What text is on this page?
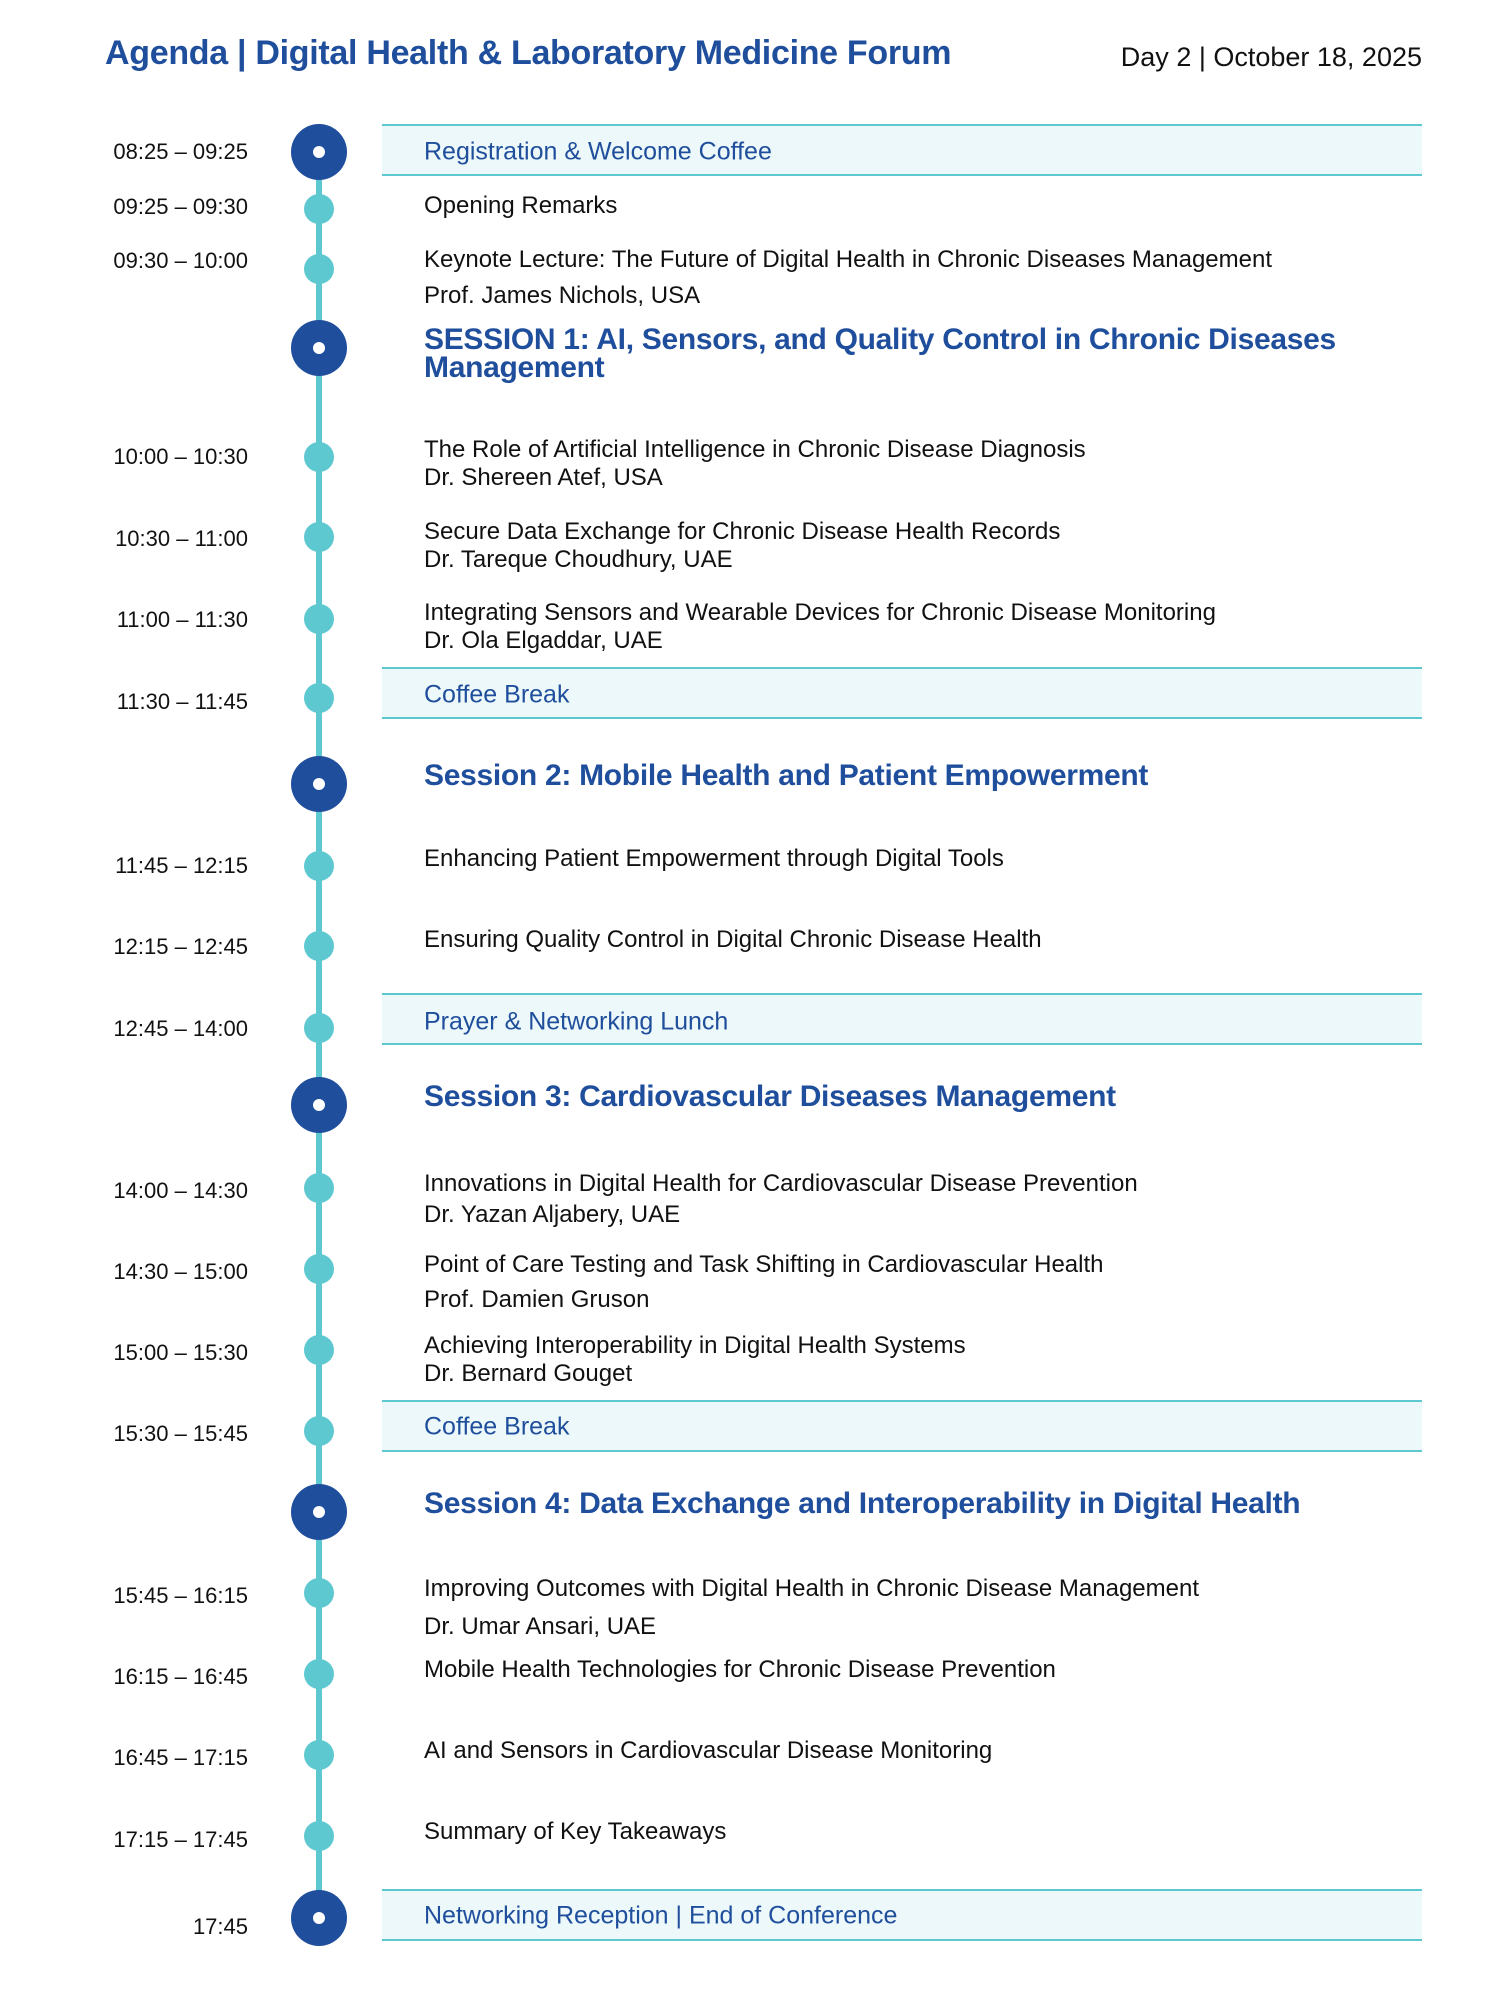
Agenda | Digital Health & Laboratory Medicine Forum	Day 2 | October 18, 2025
08:25 – 09:25	Registration & Welcome Coffee
09:25 – 09:30	Opening Remarks
09:30 – 10:00	Keynote Lecture: The Future of Digital Health in Chronic Diseases Management
Prof. James Nichols, USA
SESSION 1: AI, Sensors, and Quality Control in Chronic Diseases Management
10:00 – 10:30	The Role of Artificial Intelligence in Chronic Disease Diagnosis
Dr. Shereen Atef, USA
10:30 – 11:00	Secure Data Exchange for Chronic Disease Health Records
Dr. Tareque Choudhury, UAE
11:00 – 11:30	Integrating Sensors and Wearable Devices for Chronic Disease Monitoring
Dr. Ola Elgaddar, UAE
11:30 – 11:45	Coffee Break
Session 2: Mobile Health and Patient Empowerment
11:45 – 12:15	Enhancing Patient Empowerment through Digital Tools
12:15 – 12:45	Ensuring Quality Control in Digital Chronic Disease Health
12:45 – 14:00	Prayer & Networking Lunch
Session 3: Cardiovascular Diseases Management
14:00 – 14:30	Innovations in Digital Health for Cardiovascular Disease Prevention
Dr. Yazan Aljabery, UAE
14:30 – 15:00	Point of Care Testing and Task Shifting in Cardiovascular Health
Prof. Damien Gruson
15:00 – 15:30	Achieving Interoperability in Digital Health Systems
Dr. Bernard Gouget
15:30 – 15:45	Coffee Break
Session 4: Data Exchange and Interoperability in Digital Health
15:45 – 16:15	Improving Outcomes with Digital Health in Chronic Disease Management
Dr. Umar Ansari, UAE
16:15 – 16:45	Mobile Health Technologies for Chronic Disease Prevention
16:45 – 17:15	AI and Sensors in Cardiovascular Disease Monitoring
17:15 – 17:45	Summary of Key Takeaways
17:45	Networking Reception | End of Conference
